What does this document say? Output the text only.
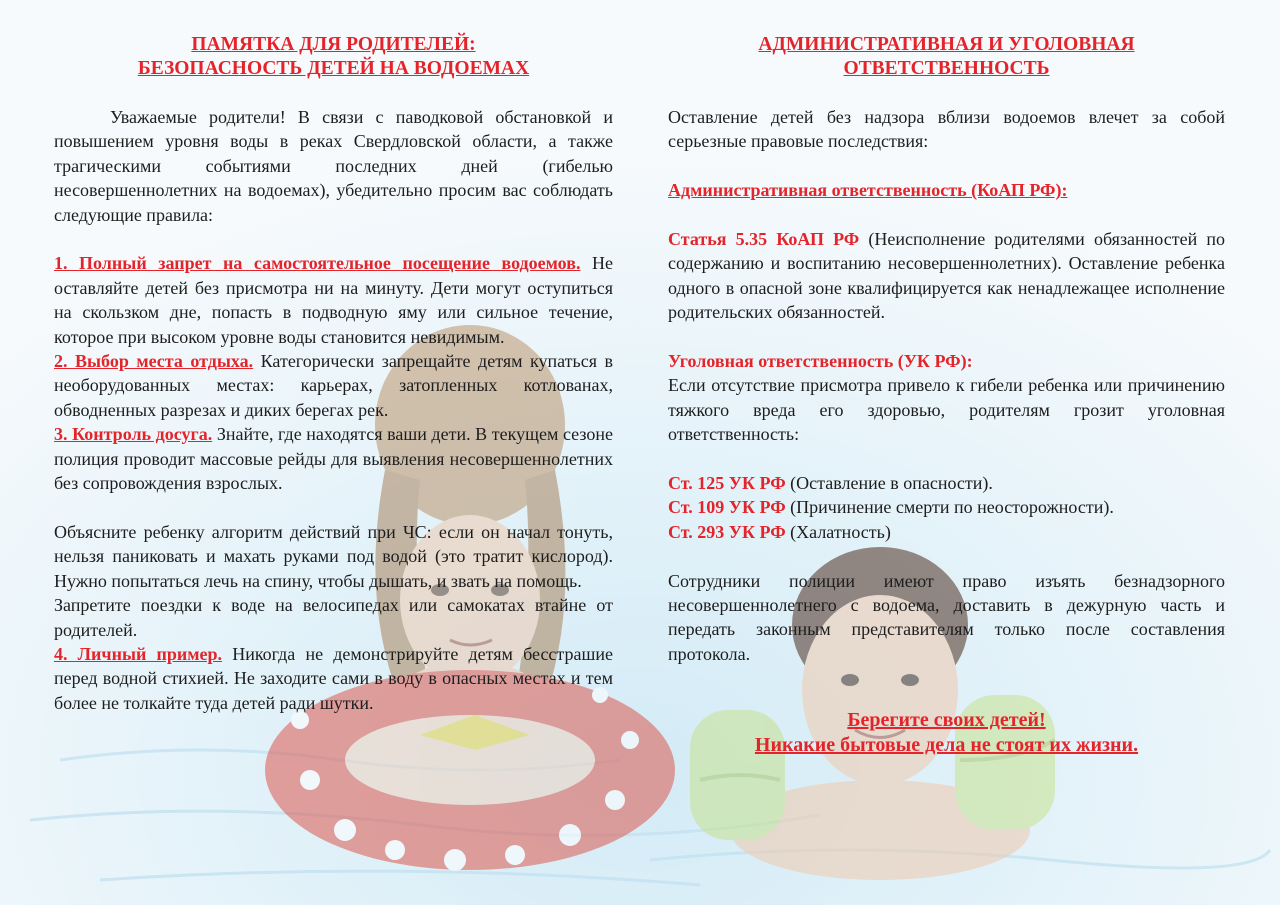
ПАМЯТКА ДЛЯ РОДИТЕЛЕЙ:

БЕЗОПАСНОСТЬ ДЕТЕЙ НА ВОДОЕМАХ

Уважаемые родители! В связи с паводковой обстановкой и повышением уровня воды в реках Свердловской области, а также трагическими событиями последних дней (гибелью несовершеннолетних на водоемах), убедительно просим вас соблюдать следующие правила:

1. Полный запрет на самостоятельное посещение водоемов. Не оставляйте детей без присмотра ни на минуту. Дети могут оступиться на скользком дне, попасть в подводную яму или сильное течение, которое при высоком уровне воды становится невидимым.

2. Выбор места отдыха. Категорически запрещайте детям купаться в необорудованных местах: карьерах, затопленных котлованах, обводненных разрезах и диких берегах рек.

3. Контроль досуга. Знайте, где находятся ваши дети. В текущем сезоне полиция проводит массовые рейды для выявления несовершеннолетних без сопровождения взрослых.

Объясните ребенку алгоритм действий при ЧС: если он начал тонуть, нельзя паниковать и махать руками под водой (это тратит кислород). Нужно попытаться лечь на спину, чтобы дышать, и звать на помощь.

Запретите поездки к воде на велосипедах или самокатах втайне от родителей.

4. Личный пример. Никогда не демонстрируйте детям бесстрашие перед водной стихией. Не заходите сами в воду в опасных местах и тем более не толкайте туда детей ради шутки.

АДМИНИСТРАТИВНАЯ И УГОЛОВНАЯ

ОТВЕТСТВЕННОСТЬ

Оставление детей без надзора вблизи водоемов влечет за собой серьезные правовые последствия:

Административная ответственность (КоАП РФ):

Статья 5.35 КоАП РФ (Неисполнение родителями обязанностей по содержанию и воспитанию несовершеннолетних). Оставление ребенка одного в опасной зоне квалифицируется как ненадлежащее исполнение родительских обязанностей.

Уголовная ответственность (УК РФ):

Если отсутствие присмотра привело к гибели ребенка или причинению тяжкого вреда его здоровью, родителям грозит уголовная ответственность:

Ст. 125 УК РФ (Оставление в опасности).

Ст. 109 УК РФ (Причинение смерти по неосторожности).

Ст. 293 УК РФ (Халатность)

Сотрудники полиции имеют право изъять безнадзорного несовершеннолетнего с водоема, доставить в дежурную часть и передать законным представителям только после составления протокола.

Берегите своих детей!

Никакие бытовые дела не стоят их жизни.
